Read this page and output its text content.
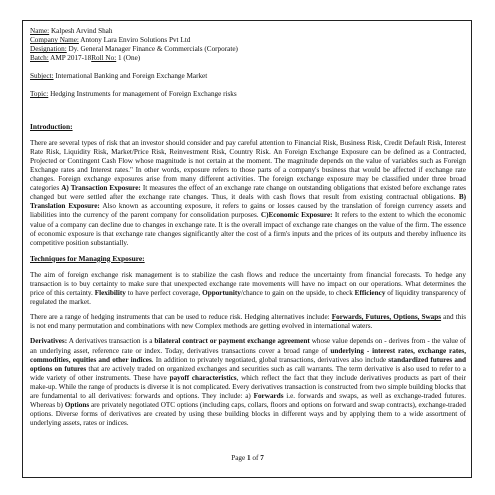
Name: Kalpesh Arvind Shah
Company Name: Antony Lara Enviro Solutions Pvt Ltd
Designation: Dy. General Manager Finance & Commercials (Corporate)
Batch: AMP 2017-18Roll No: 1 (One)
Subject: International Banking and Foreign Exchange Market
Topic: Hedging Instruments for management of Foreign Exchange risks
Introduction:

There are several types of risk that an investor should consider and pay careful attention to Financial Risk, Business Risk, Credit Default Risk, Interest Rate Risk, Liquidity Risk, Market/Price Risk, Reinvestment Risk, Country Risk. An Foreign Exchange Exposure can be defined as a Contracted, Projected or Contingent Cash Flow whose magnitude is not certain at the moment. The magnitude depends on the value of variables such as Foreign Exchange rates and Interest rates." In other words, exposure refers to those parts of a company's business that would be affected if exchange rate changes. Foreign exchange exposures arise from many different activities. The foreign exchange exposure may be classified under three broad categories A) Transaction Exposure: It measures the effect of an exchange rate change on outstanding obligations that existed before exchange rates changed but were settled after the exchange rate changes. Thus, it deals with cash flows that result from existing contractual obligations. B) Translation Exposure: Also known as accounting exposure, it refers to gains or losses caused by the translation of foreign currency assets and liabilities into the currency of the parent company for consolidation purposes. C)Economic Exposure: It refers to the extent to which the economic value of a company can decline due to changes in exchange rate. It is the overall impact of exchange rate changes on the value of the firm. The essence of economic exposure is that exchange rate changes significantly alter the cost of a firm's inputs and the prices of its outputs and thereby influence its competitive position substantially.

Techniques for Managing Exposure:

The aim of foreign exchange risk management is to stabilize the cash flows and reduce the uncertainty from financial forecasts. To hedge any transaction is to buy certainty to make sure that unexpected exchange rate movements will have no impact on our operations. What determines the price of this certainty. Flexibility to have perfect coverage, Opportunity/chance to gain on the upside, to check Efficiency of liquidity transparency of regulated the market.

There are a range of hedging instruments that can be used to reduce risk. Hedging alternatives include: Forwards, Futures, Options, Swaps and this is not end many permutation and combinations with new Complex methods are getting evolved in international waters.

Derivatives: A derivatives transaction is a bilateral contract or payment exchange agreement whose value depends on - derives from - the value of an underlying asset, reference rate or index. Today, derivatives transactions cover a broad range of underlying - interest rates, exchange rates, commodities, equities and other indices. In addition to privately negotiated, global transactions, derivatives also include standardized futures and options on futures that are actively traded on organized exchanges and securities such as call warrants. The term derivative is also used to refer to a wide variety of other instruments. These have payoff characteristics, which reflect the fact that they include derivatives products as part of their make-up. While the range of products is diverse it is not complicated. Every derivatives transaction is constructed from two simple building blocks that are fundamental to all derivatives: forwards and options. They include: a) Forwards i.e. forwards and swaps, as well as exchange-traded futures. Whereas b) Options are privately negotiated OTC options (including caps, collars, floors and options on forward and swap contracts), exchange-traded options. Diverse forms of derivatives are created by using these building blocks in different ways and by applying them to a wide assortment of underlying assets, rates or indices.

Page 1 of 7
